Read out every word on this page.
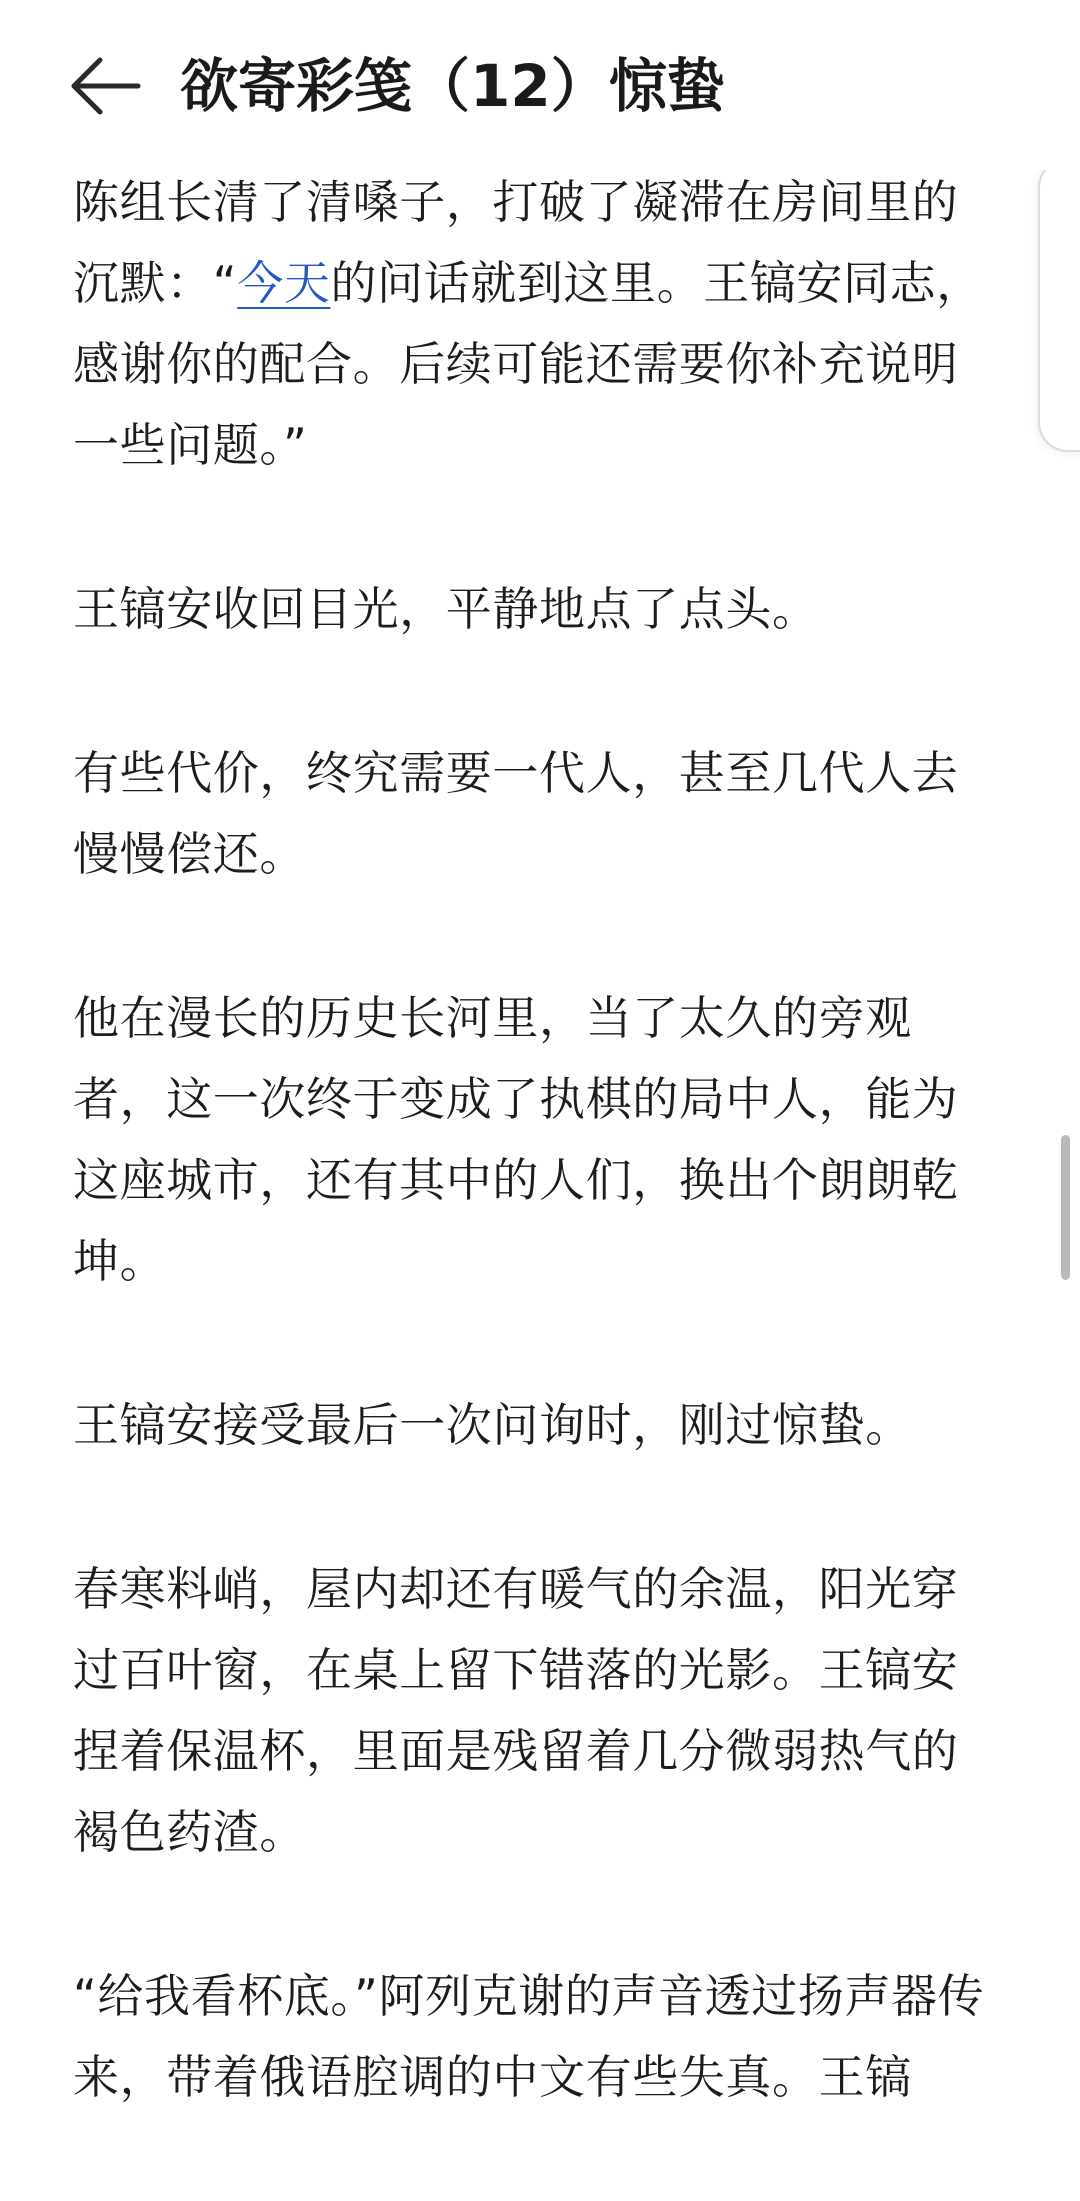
欲寄彩笺（12）惊蛰

陈组长清了清嗓子，打破了凝滞在房间里的沉默：“今天的问话就到这里。王镐安同志，感谢你的配合。后续可能还需要你补充说明一些问题。”

王镐安收回目光，平静地点了点头。

有些代价，终究需要一代人，甚至几代人去慢慢偿还。

他在漫长的历史长河里，当了太久的旁观者，这一次终于变成了执棋的局中人，能为这座城市，还有其中的人们，换出个朗朗乾坤。

王镐安接受最后一次问询时，刚过惊蛰。

春寒料峭，屋内却还有暖气的余温，阳光穿过百叶窗，在桌上留下错落的光影。王镐安捏着保温杯，里面是残留着几分微弱热气的褐色药渣。

“给我看杯底。”阿列克谢的声音透过扬声器传来，带着俄语腔调的中文有些失真。王镐
